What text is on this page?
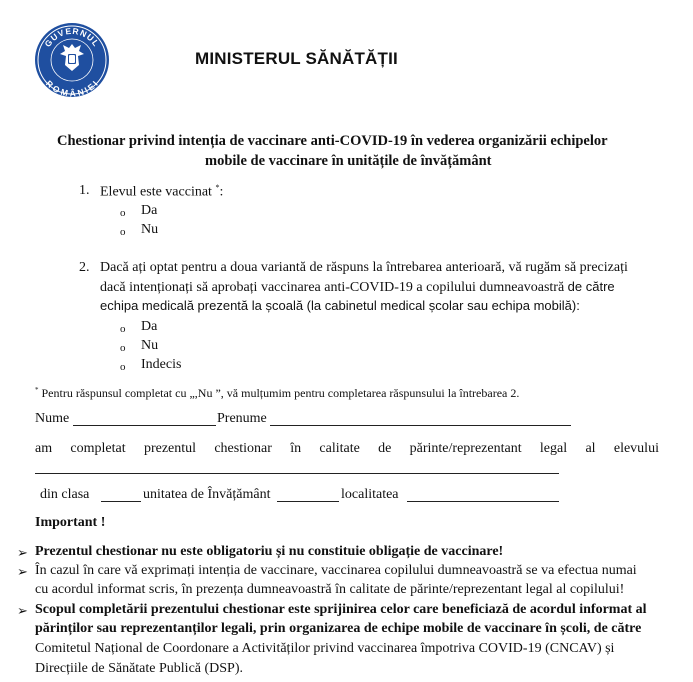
GUVERNUL
ROMÂNIEI
MINISTERUL SĂNĂTĂȚII
Chestionar privind intenția de vaccinare anti-COVID-19 în vederea organizării echipelor
mobile de vaccinare în unitățile de învățământ
1. Elevul este vaccinat *:
o Da
o Nu
2. Dacă ați optat pentru a doua variantă de răspuns la întrebarea anterioară, vă rugăm să precizați
dacă intenționați să aprobați vaccinarea anti-COVID-19 a copilului dumneavoastră de către
echipa medicală prezentă la școală (la cabinetul medical școlar sau echipa mobilă):
o Da
o Nu
o Indecis
* Pentru răspunsul completat cu „,Nu ”, vă mulțumim pentru completarea răspunsului la întrebarea 2.
Nume	Prenume
am completat prezentul chestionar în calitate de părinte/reprezentant legal al elevului
din clasa	unitatea de Învățământ	localitatea
Important !
➢ Prezentul chestionar nu este obligatoriu și nu constituie obligație de vaccinare!
➢ În cazul în care vă exprimați intenția de vaccinare, vaccinarea copilului dumneavoastră se va efectua numai
cu acordul informat scris, în prezența dumneavoastră în calitate de părinte/reprezentant legal al copilului!
➢ Scopul completării prezentului chestionar este sprijinirea celor care beneficiază de acordul informat al
părinților sau reprezentanților legali, prin organizarea de echipe mobile de vaccinare în școli, de către
Comitetul Național de Coordonare a Activităților privind vaccinarea împotriva COVID-19 (CNCAV) și
Direcțiile de Sănătate Publică (DSP).
